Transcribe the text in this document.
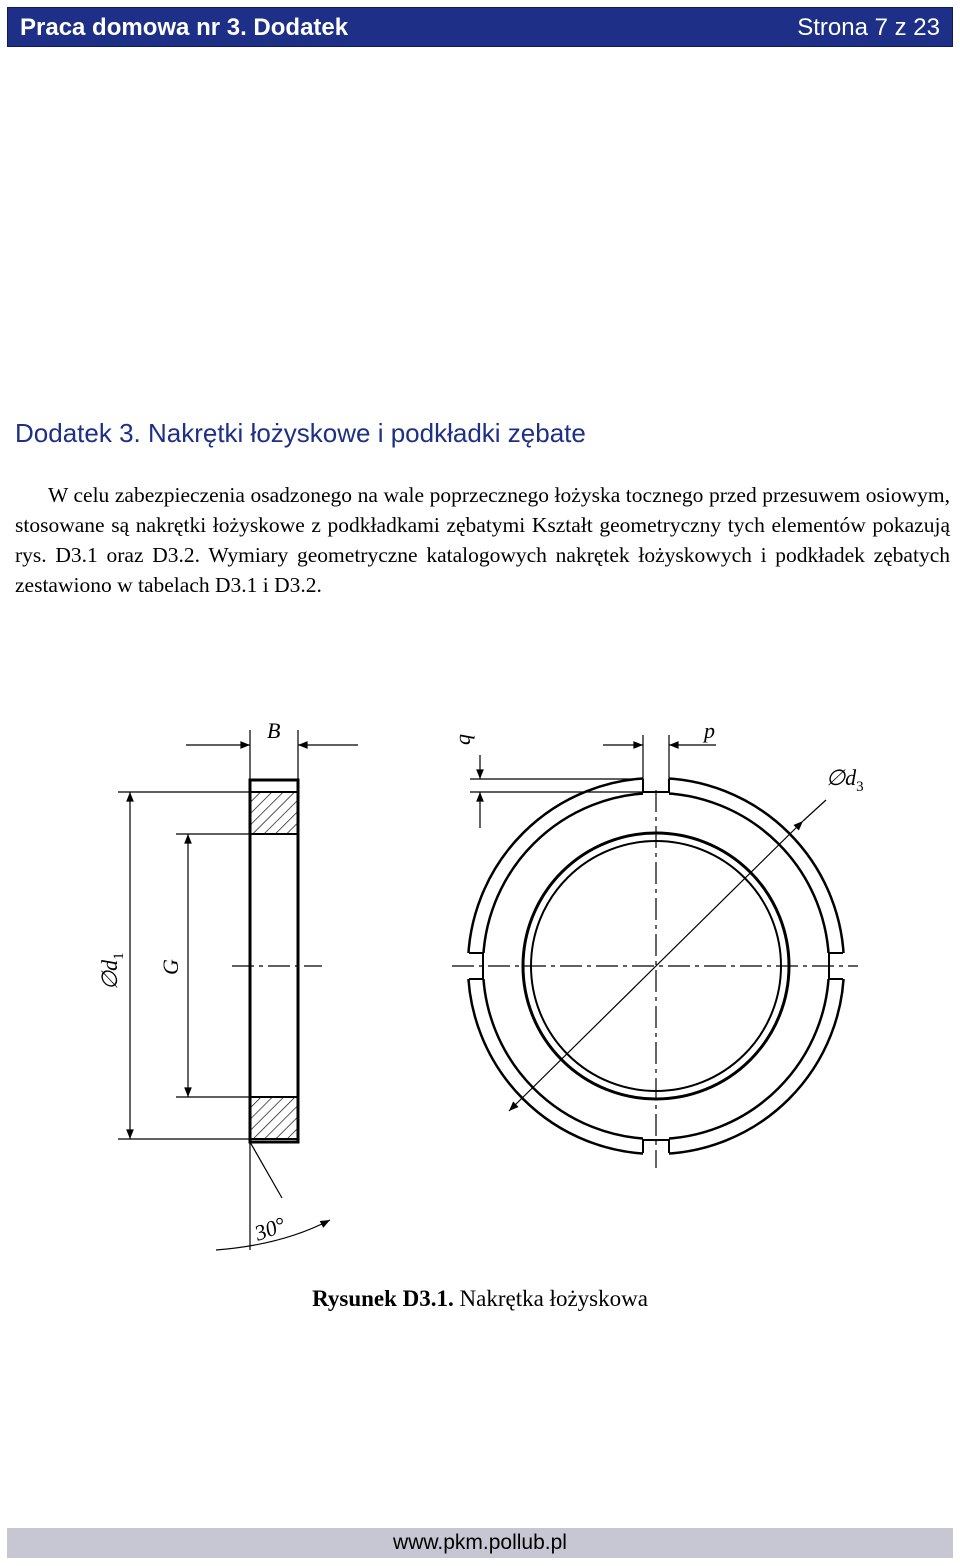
Praca domowa nr 3. Dodatek	Strona 7 z 23
Dodatek 3. Nakrętki łożyskowe i podkładki zębate
W celu zabezpieczenia osadzonego na wale poprzecznego łożyska tocznego przed przesuwem osiowym, stosowane są nakrętki łożyskowe z podkładkami zębatymi Kształt geometryczny tych elementów pokazują rys. D3.1 oraz D3.2. Wymiary geometryczne katalogowych nakrętek łożyskowych i podkładek zębatych zestawiono w tabelach D3.1 i D3.2.
B	q	p
$\emptyset d_3$
$\emptyset d_1$
G
30°
Rysunek D3.1. Nakrętka łożyskowa
www.pkm.pollub.pl
